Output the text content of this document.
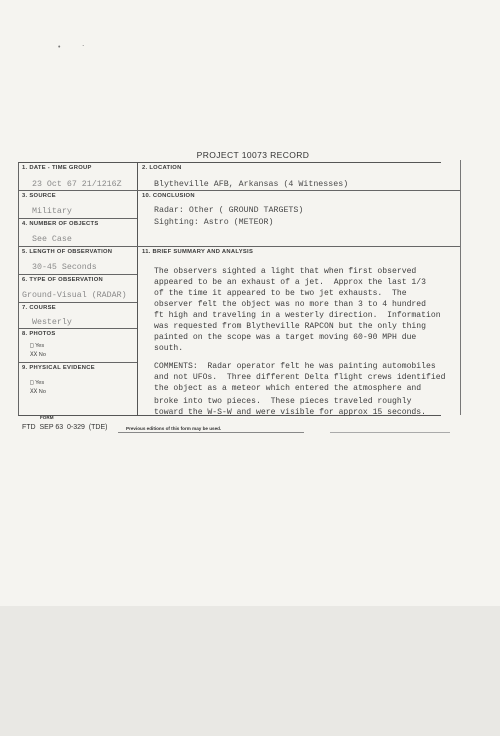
•	․
PROJECT 10073 RECORD
1. DATE - TIME GROUP
23 Oct 67 21/1216Z
2. LOCATION
Blytheville AFB, Arkansas (4 Witnesses)
3. SOURCE
Military
10. CONCLUSION
Radar: Other ( GROUND TARGETS)
Sighting: Astro (METEOR)
4. NUMBER OF OBJECTS
See Case
5. LENGTH OF OBSERVATION
30-45 Seconds
11. BRIEF SUMMARY AND ANALYSIS
6. TYPE OF OBSERVATION
Ground-Visual (RADAR)
7. COURSE
Westerly
8. PHOTOS
□ Yes
XX No
9. PHYSICAL EVIDENCE
□ Yes
XX No
The observers sighted a light that when first observed
appeared to be an exhaust of a jet.  Approx the last 1/3
of the time it appeared to be two jet exhausts.  The
observer felt the object was no more than 3 to 4 hundred
ft high and traveling in a westerly direction.  Information
was requested from Blytheville RAPCON but the only thing
painted on the scope was a target moving 60-90 MPH due
south.
COMMENTS:  Radar operator felt he was painting automobiles
and not UFOs.  Three different Delta flight crews identified
the object as a meteor which entered the atmosphere and
broke into two pieces.  These pieces traveled roughly
toward the W-S-W and were visible for approx 15 seconds.
FORM
FTD  SEP 63  0-329  (TDE)	Previous editions of this form may be used.
